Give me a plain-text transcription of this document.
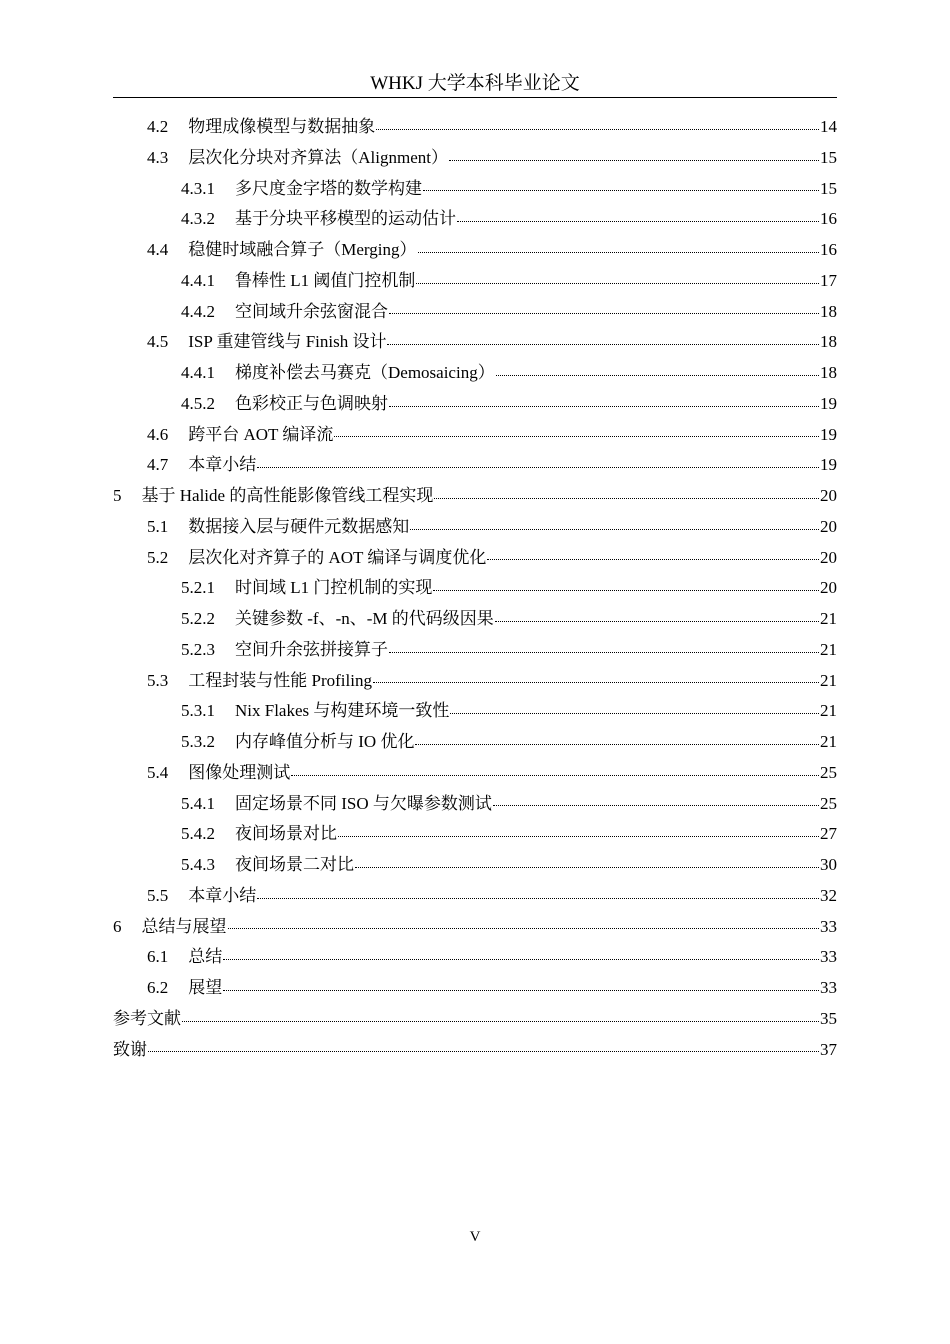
WHKJ 大学本科毕业论文
4.2 物理成像模型与数据抽象	14
4.3 层次化分块对齐算法（Alignment）	15
4.3.1 多尺度金字塔的数学构建	15
4.3.2 基于分块平移模型的运动估计	16
4.4 稳健时域融合算子（Merging）	16
4.4.1 鲁棒性 L1 阈值门控机制	17
4.4.2 空间域升余弦窗混合	18
4.5 ISP 重建管线与 Finish 设计	18
4.4.1 梯度补偿去马赛克（Demosaicing）	18
4.5.2 色彩校正与色调映射	19
4.6 跨平台 AOT 编译流	19
4.7 本章小结	19
5 基于 Halide 的高性能影像管线工程实现	20
5.1 数据接入层与硬件元数据感知	20
5.2 层次化对齐算子的 AOT 编译与调度优化	20
5.2.1 时间域 L1 门控机制的实现	20
5.2.2 关键参数 -f、-n、-M 的代码级因果	21
5.2.3 空间升余弦拼接算子	21
5.3 工程封装与性能 Profiling	21
5.3.1 Nix Flakes 与构建环境一致性	21
5.3.2 内存峰值分析与 IO 优化	21
5.4 图像处理测试	25
5.4.1 固定场景不同 ISO 与欠曝参数测试	25
5.4.2 夜间场景对比	27
5.4.3 夜间场景二对比	30
5.5 本章小结	32
6 总结与展望	33
6.1 总结	33
6.2 展望	33
参考文献	35
致谢	37
V
